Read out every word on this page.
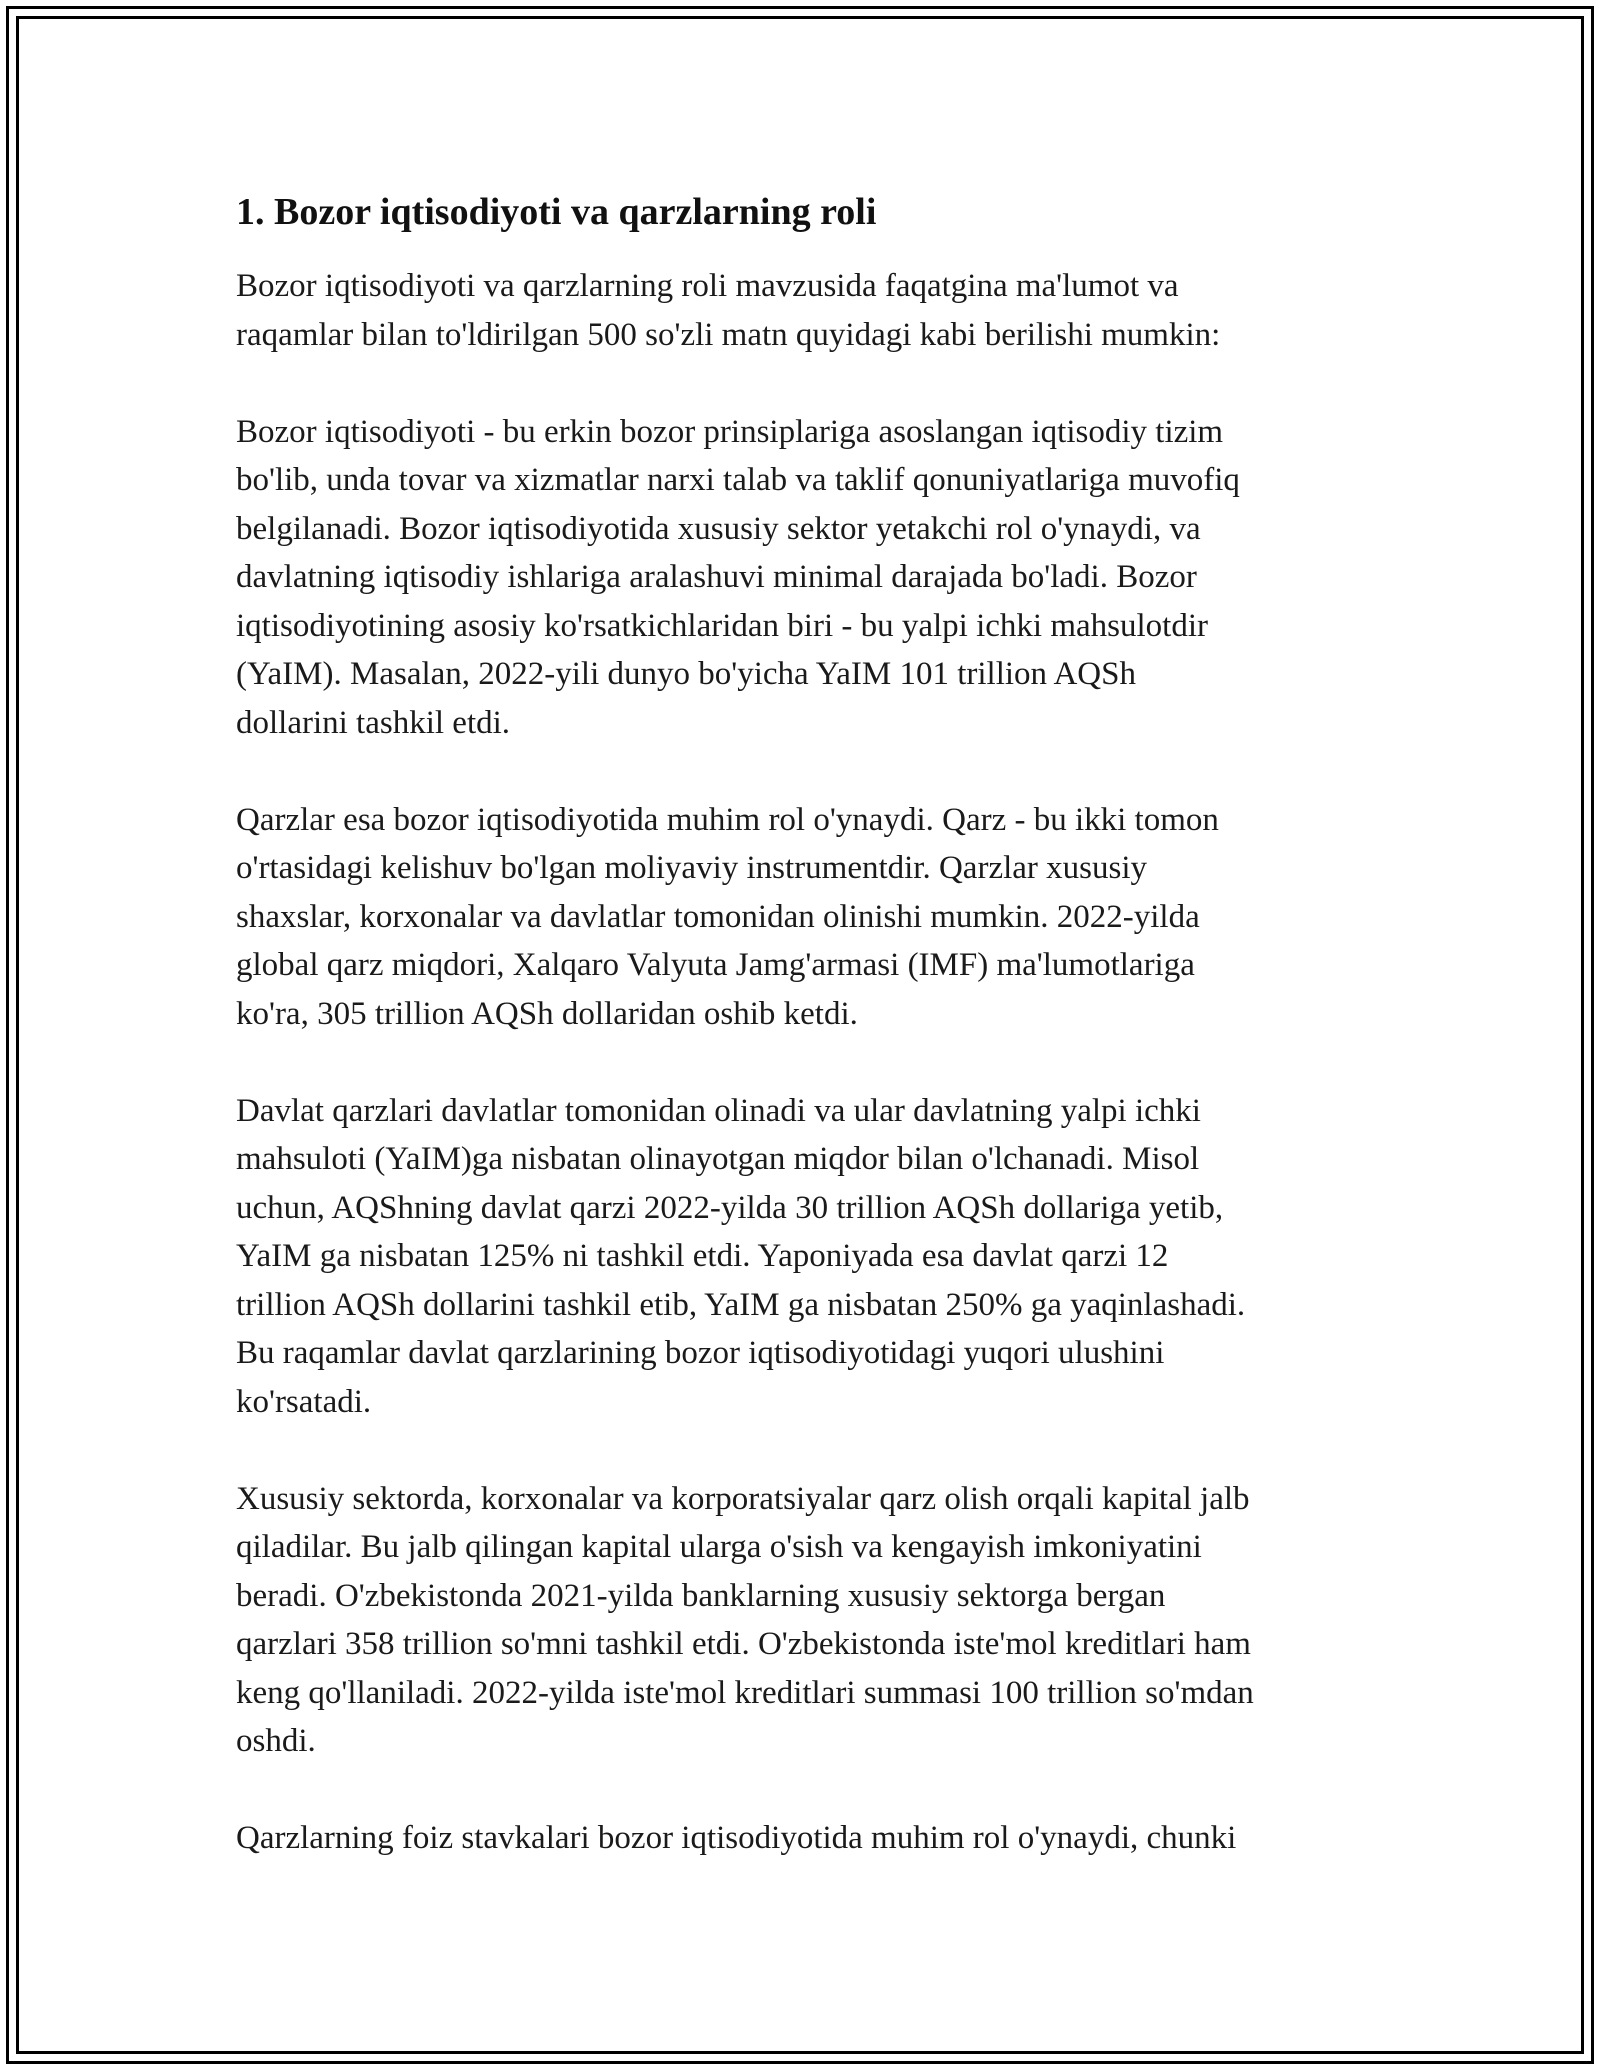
1. Bozor iqtisodiyoti va qarzlarning roli

Bozor iqtisodiyoti va qarzlarning roli mavzusida faqatgina ma'lumot va
raqamlar bilan to'ldirilgan 500 so'zli matn quyidagi kabi berilishi mumkin:

Bozor iqtisodiyoti - bu erkin bozor prinsiplariga asoslangan iqtisodiy tizim
bo'lib, unda tovar va xizmatlar narxi talab va taklif qonuniyatlariga muvofiq
belgilanadi. Bozor iqtisodiyotida xususiy sektor yetakchi rol o'ynaydi, va
davlatning iqtisodiy ishlariga aralashuvi minimal darajada bo'ladi. Bozor
iqtisodiyotining asosiy ko'rsatkichlaridan biri - bu yalpi ichki mahsulotdir
(YaIM). Masalan, 2022-yili dunyo bo'yicha YaIM 101 trillion AQSh
dollarini tashkil etdi.

Qarzlar esa bozor iqtisodiyotida muhim rol o'ynaydi. Qarz - bu ikki tomon
o'rtasidagi kelishuv bo'lgan moliyaviy instrumentdir. Qarzlar xususiy
shaxslar, korxonalar va davlatlar tomonidan olinishi mumkin. 2022-yilda
global qarz miqdori, Xalqaro Valyuta Jamg'armasi (IMF) ma'lumotlariga
ko'ra, 305 trillion AQSh dollaridan oshib ketdi.

Davlat qarzlari davlatlar tomonidan olinadi va ular davlatning yalpi ichki
mahsuloti (YaIM)ga nisbatan olinayotgan miqdor bilan o'lchanadi. Misol
uchun, AQShning davlat qarzi 2022-yilda 30 trillion AQSh dollariga yetib,
YaIM ga nisbatan 125% ni tashkil etdi. Yaponiyada esa davlat qarzi 12
trillion AQSh dollarini tashkil etib, YaIM ga nisbatan 250% ga yaqinlashadi.
Bu raqamlar davlat qarzlarining bozor iqtisodiyotidagi yuqori ulushini
ko'rsatadi.

Xususiy sektorda, korxonalar va korporatsiyalar qarz olish orqali kapital jalb
qiladilar. Bu jalb qilingan kapital ularga o'sish va kengayish imkoniyatini
beradi. O'zbekistonda 2021-yilda banklarning xususiy sektorga bergan
qarzlari 358 trillion so'mni tashkil etdi. O'zbekistonda iste'mol kreditlari ham
keng qo'llaniladi. 2022-yilda iste'mol kreditlari summasi 100 trillion so'mdan
oshdi.

Qarzlarning foiz stavkalari bozor iqtisodiyotida muhim rol o'ynaydi, chunki
